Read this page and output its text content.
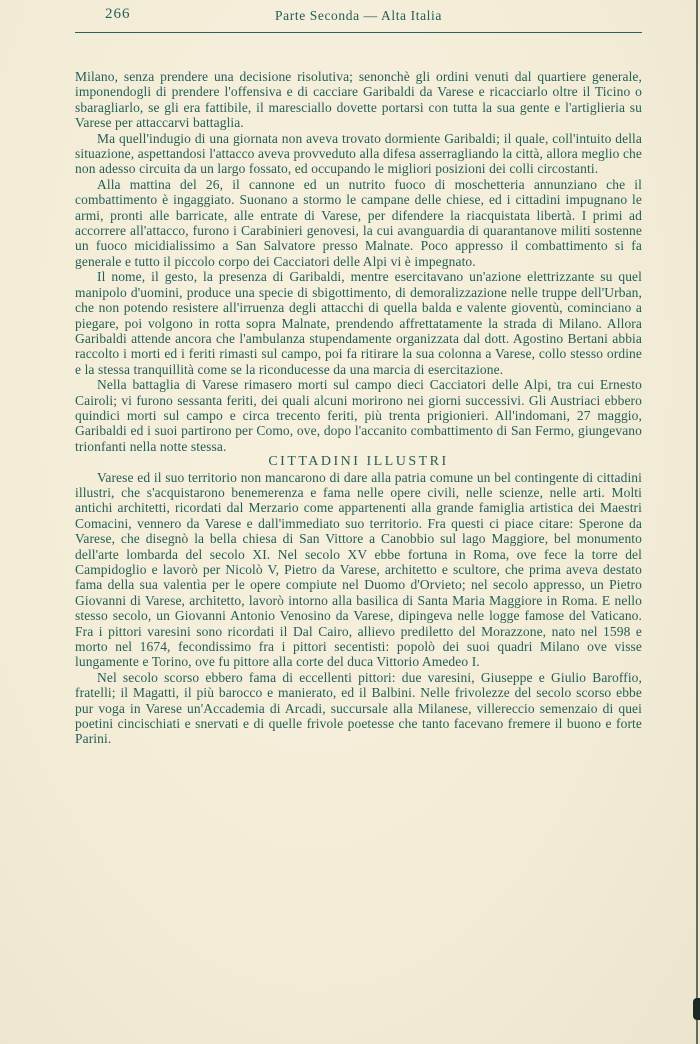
266	Parte Seconda — Alta Italia

Milano, senza prendere una decisione risolutiva; senonchè gli ordini venuti dal quartiere generale, imponendogli di prendere l'offensiva e di cacciare Garibaldi da Varese e ricacciarlo oltre il Ticino o sbaragliarlo, se gli era fattibile, il maresciallo dovette portarsi con tutta la sua gente e l'artiglieria su Varese per attaccarvi battaglia.

Ma quell'indugio di una giornata non aveva trovato dormiente Garibaldi; il quale, coll'intuito della situazione, aspettandosi l'attacco aveva provveduto alla difesa asserragliando la città, allora meglio che non adesso circuita da un largo fossato, ed occupando le migliori posizioni dei colli circostanti.

Alla mattina del 26, il cannone ed un nutrito fuoco di moschetteria annunziano che il combattimento è ingaggiato. Suonano a stormo le campane delle chiese, ed i cittadini impugnano le armi, pronti alle barricate, alle entrate di Varese, per difendere la riacquistata libertà. I primi ad accorrere all'attacco, furono i Carabinieri genovesi, la cui avanguardia di quarantanove militi sostenne un fuoco micidialissimo a San Salvatore presso Malnate. Poco appresso il combattimento si fa generale e tutto il piccolo corpo dei Cacciatori delle Alpi vi è impegnato.

Il nome, il gesto, la presenza di Garibaldi, mentre esercitavano un'azione elettrizzante su quel manipolo d'uomini, produce una specie di sbigottimento, di demoralizzazione nelle truppe dell'Urban, che non potendo resistere all'irruenza degli attacchi di quella balda e valente gioventù, cominciano a piegare, poi volgono in rotta sopra Malnate, prendendo affrettatamente la strada di Milano. Allora Garibaldi attende ancora che l'ambulanza stupendamente organizzata dal dott. Agostino Bertani abbia raccolto i morti ed i feriti rimasti sul campo, poi fa ritirare la sua colonna a Varese, collo stesso ordine e la stessa tranquillità come se la riconducesse da una marcia di esercitazione.

Nella battaglia di Varese rimasero morti sul campo dieci Cacciatori delle Alpi, tra cui Ernesto Cairoli; vi furono sessanta feriti, dei quali alcuni morirono nei giorni successivi. Gli Austriaci ebbero quindici morti sul campo e circa trecento feriti, più trenta prigionieri. All'indomani, 27 maggio, Garibaldi ed i suoi partirono per Como, ove, dopo l'accanito combattimento di San Fermo, giungevano trionfanti nella notte stessa.

CITTADINI ILLUSTRI

Varese ed il suo territorio non mancarono di dare alla patria comune un bel contingente di cittadini illustri, che s'acquistarono benemerenza e fama nelle opere civili, nelle scienze, nelle arti. Molti antichi architetti, ricordati dal Merzario come appartenenti alla grande famiglia artistica dei Maestri Comacini, vennero da Varese e dall'immediato suo territorio. Fra questi ci piace citare: Sperone da Varese, che disegnò la bella chiesa di San Vittore a Canobbio sul lago Maggiore, bel monumento dell'arte lombarda del secolo XI. Nel secolo XV ebbe fortuna in Roma, ove fece la torre del Campidoglio e lavorò per Nicolò V, Pietro da Varese, architetto e scultore, che prima aveva destato fama della sua valentìa per le opere compiute nel Duomo d'Orvieto; nel secolo appresso, un Pietro Giovanni di Varese, architetto, lavorò intorno alla basilica di Santa Maria Maggiore in Roma. E nello stesso secolo, un Giovanni Antonio Venosino da Varese, dipingeva nelle logge famose del Vaticano. Fra i pittori varesini sono ricordati il Dal Cairo, allievo prediletto del Morazzone, nato nel 1598 e morto nel 1674, fecondissimo fra i pittori secentisti: popolò dei suoi quadri Milano ove visse lungamente e Torino, ove fu pittore alla corte del duca Vittorio Amedeo I.

Nel secolo scorso ebbero fama di eccellenti pittori: due varesini, Giuseppe e Giulio Baroffio, fratelli; il Magatti, il più barocco e manierato, ed il Balbini. Nelle frivolezze del secolo scorso ebbe pur voga in Varese un'Accademia di Arcadi, succursale alla Milanese, villereccio semenzaio di quei poetini cincischiati e snervati e di quelle frivole poetesse che tanto facevano fremere il buono e forte Parini.
